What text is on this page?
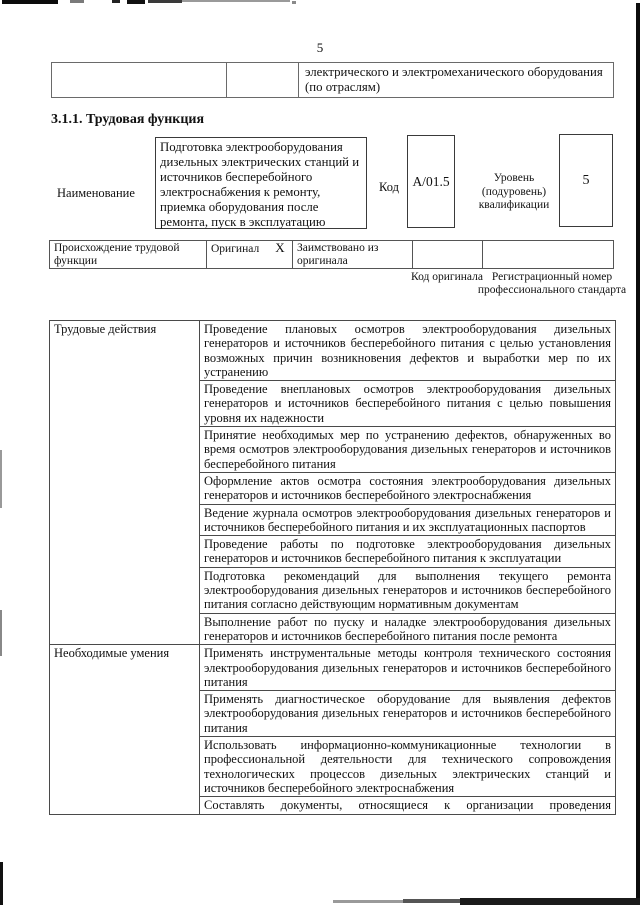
5
		электрического и электромеханического оборудования (по отраслям)
3.1.1. Трудовая функция
Наименование
Подготовка электрооборудования дизельных электрических станций и источников бесперебойного электроснабжения к ремонту, приемка оборудования после ремонта, пуск в эксплуатацию
Код А/01.5	Уровень (подуровень) квалификации
5
Происхождение трудовой функции	Оригинал X	Заимствовано из оригинала		
Код оригинала Регистрационный номер профессионального стандарта
Трудовые действия	Проведение плановых осмотров электрооборудования дизельных генераторов и источников бесперебойного питания с целью установления возможных причин возникновения дефектов и выработки мер по их устранению
	Проведение внеплановых осмотров электрооборудования дизельных генераторов и источников бесперебойного питания с целью повышения уровня их надежности
	Принятие необходимых мер по устранению дефектов, обнаруженных во время осмотров электрооборудования дизельных генераторов и источников бесперебойного питания
	Оформление актов осмотра состояния электрооборудования дизельных генераторов и источников бесперебойного электроснабжения
	Ведение журнала осмотров электрооборудования дизельных генераторов и источников бесперебойного питания и их эксплуатационных паспортов
	Проведение работы по подготовке электрооборудования дизельных генераторов и источников бесперебойного питания к эксплуатации
	Подготовка рекомендаций для выполнения текущего ремонта электрооборудования дизельных генераторов и источников бесперебойного питания согласно действующим нормативным документам
	Выполнение работ по пуску и наладке электрооборудования дизельных генераторов и источников бесперебойного питания после ремонта
Необходимые умения	Применять инструментальные методы контроля технического состояния электрооборудования дизельных генераторов и источников бесперебойного питания
	Применять диагностическое оборудование для выявления дефектов электрооборудования дизельных генераторов и источников бесперебойного питания
	Использовать информационно-коммуникационные технологии в профессиональной деятельности для технического сопровождения технологических процессов дизельных электрических станций и источников бесперебойного электроснабжения
	Составлять документы, относящиеся к организации проведения
